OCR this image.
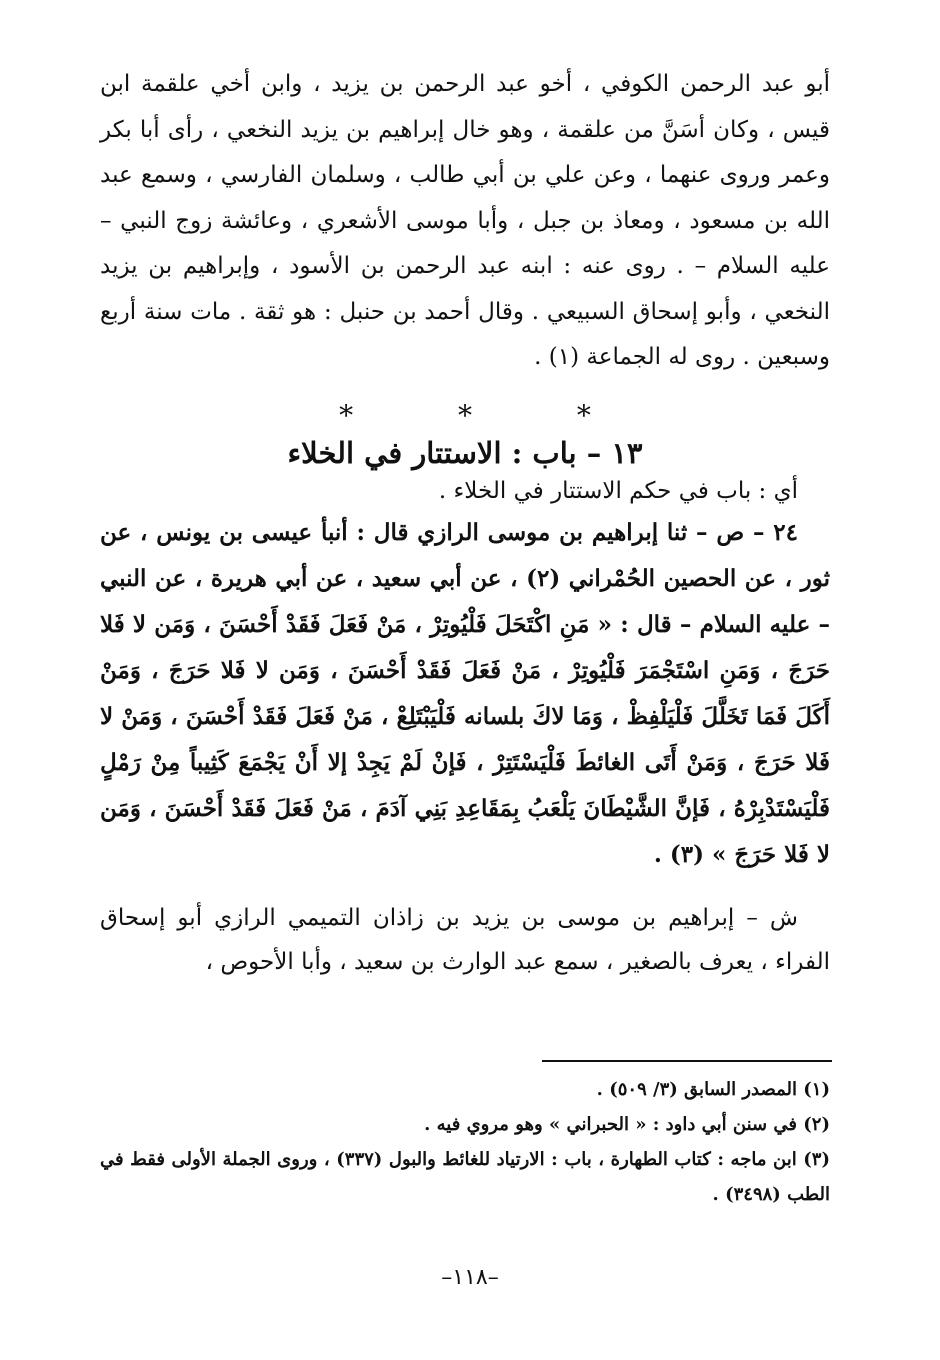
أبو عبد الرحمن الكوفي ، أخو عبد الرحمن بن يزيد ، وابن أخي علقمة ابن قيس ، وكان أسَنَّ من علقمة ، وهو خال إبراهيم بن يزيد النخعي ، رأى أبا بكر وعمر وروى عنهما ، وعن علي بن أبي طالب ، وسلمان الفارسي ، وسمع عبد الله بن مسعود ، ومعاذ بن جبل ، وأبا موسى الأشعري ، وعائشة زوج النبي – عليه السلام – . روى عنه : ابنه عبد الرحمن بن الأسود ، وإبراهيم بن يزيد النخعي ، وأبو إسحاق السبيعي . وقال أحمد بن حنبل : هو ثقة . مات سنة أربع وسبعين . روى له الجماعة (١) .

* * *
١٣ – باب : الاستتار في الخلاء

أي : باب في حكم الاستتار في الخلاء .

٢٤ – ص – ثنا إبراهيم بن موسى الرازي قال : أنبأ عيسى بن يونس ، عن ثور ، عن الحصين الحُمْراني (٢) ، عن أبي سعيد ، عن أبي هريرة ، عن النبي – عليه السلام – قال : « مَنِ اكْتَحَلَ فَلْيُوتِرْ ، مَنْ فَعَلَ فَقَدْ أَحْسَنَ ، وَمَن لا فَلا حَرَجَ ، وَمَنِ اسْتَجْمَرَ فَلْيُوتِرْ ، مَنْ فَعَلَ فَقَدْ أَحْسَنَ ، وَمَن لا فَلا حَرَجَ ، وَمَنْ أَكَلَ فَمَا تَخَلَّلَ فَلْيَلْفِظْ ، وَمَا لاكَ بلسانه فَلْيَبْتَلِعْ ، مَنْ فَعَلَ فَقَدْ أَحْسَنَ ، وَمَنْ لا فَلا حَرَجَ ، وَمَنْ أَتَى الغائطَ فَلْيَسْتَتِرْ ، فَإنْ لَمْ يَجِدْ إلا أَنْ يَجْمَعَ كَثِيباً مِنْ رَمْلٍ فَلْيَسْتَدْبِرْهُ ، فَإنَّ الشَّيْطَانَ يَلْعَبُ بِمَقَاعِدِ بَنِي آدَمَ ، مَنْ فَعَلَ فَقَدْ أَحْسَنَ ، وَمَن لا فَلا حَرَجَ » (٣) .

ش – إبراهيم بن موسى بن يزيد بن زاذان التميمي الرازي أبو إسحاق الفراء ، يعرف بالصغير ، سمع عبد الوارث بن سعيد ، وأبا الأحوص ،

(١) المصدر السابق (٣/ ٥٠٩) .

(٢) في سنن أبي داود : « الحبراني » وهو مروي فيه .

(٣) ابن ماجه : كتاب الطهارة ، باب : الارتياد للغائط والبول (٣٣٧) ، وروى الجملة الأولى فقط في الطب (٣٤٩٨) .

–١١٨–
